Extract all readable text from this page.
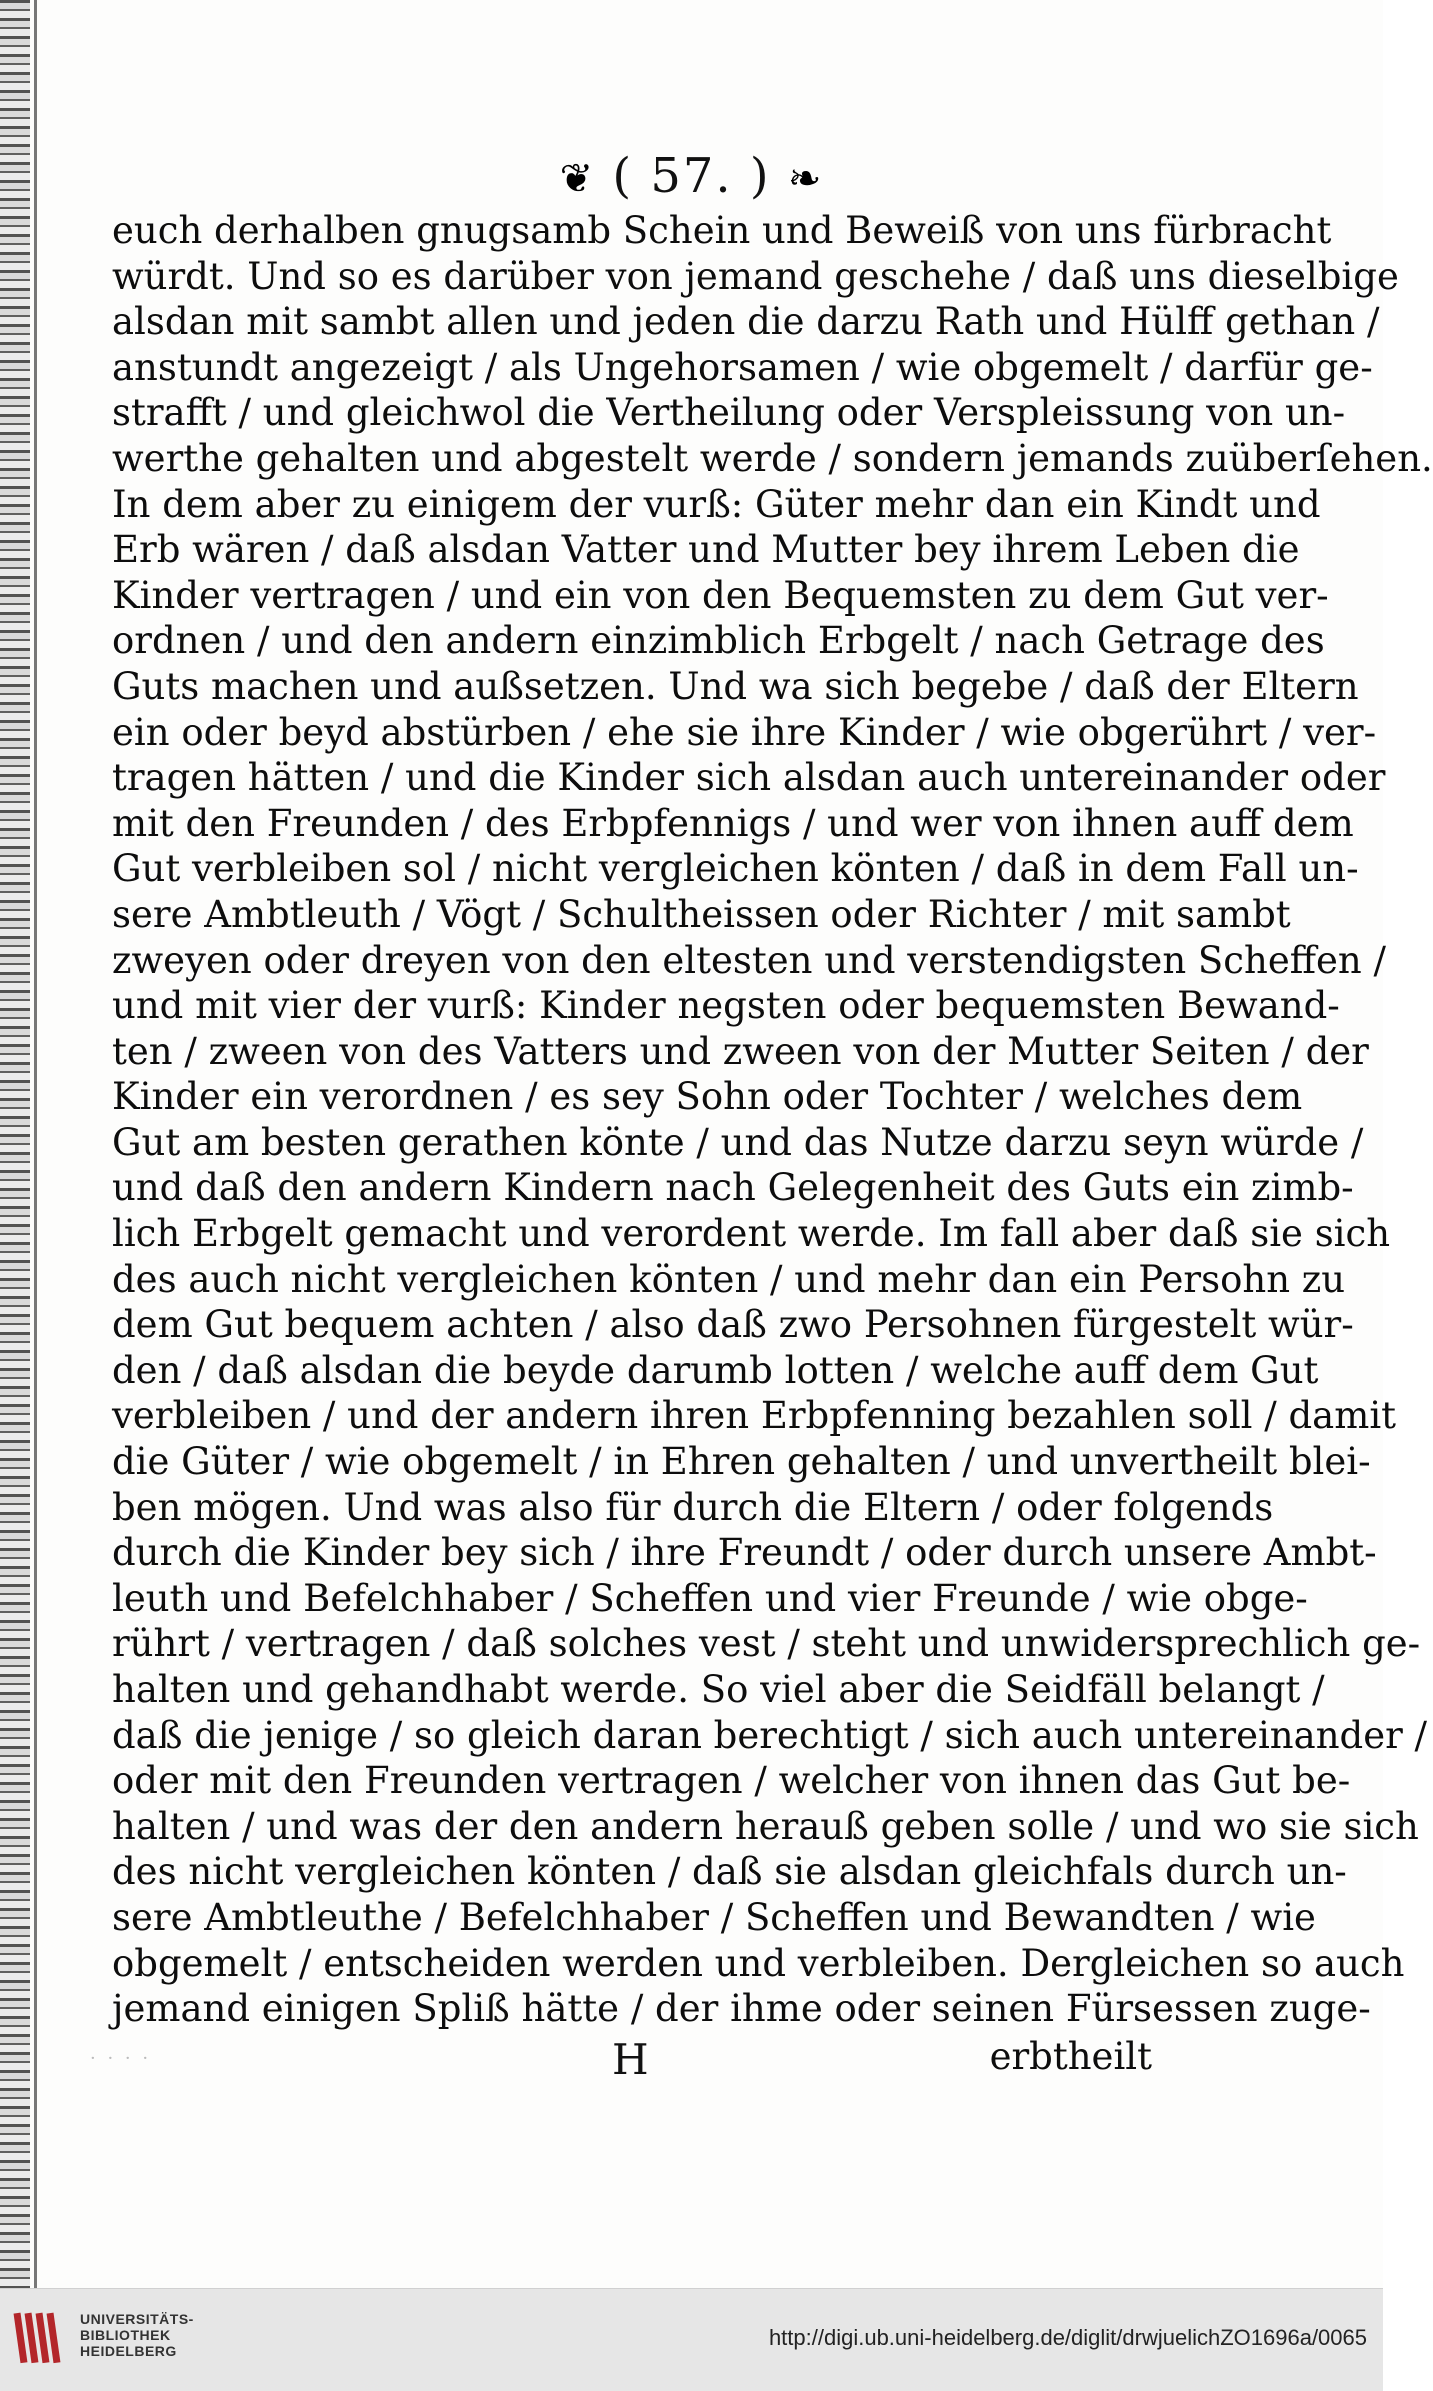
❦ ( 57. ) ❧
euch derhalben gnugsamb Schein und Beweiß von uns fürbracht
würdt. Und so es darüber von jemand geschehe / daß uns dieselbige
alsdan mit sambt allen und jeden die darzu Rath und Hülff gethan /
anstundt angezeigt / als Ungehorsamen / wie obgemelt / darfür ge-
strafft / und gleichwol die Vertheilung oder Verspleissung von un-
werthe gehalten und abgestelt werde / sondern jemands zuüberſehen.
In dem aber zu einigem der vurß: Güter mehr dan ein Kindt und
Erb wären / daß alsdan Vatter und Mutter bey ihrem Leben die
Kinder vertragen / und ein von den Bequemsten zu dem Gut ver-
ordnen / und den andern einzimblich Erbgelt / nach Getrage des
Guts machen und außsetzen. Und wa sich begebe / daß der Eltern
ein oder beyd abstürben / ehe sie ihre Kinder / wie obgerührt / ver-
tragen hätten / und die Kinder sich alsdan auch untereinander oder
mit den Freunden / des Erbpfennigs / und wer von ihnen auff dem
Gut verbleiben sol / nicht vergleichen könten / daß in dem Fall un-
sere Ambtleuth / Vögt / Schultheissen oder Richter / mit sambt
zweyen oder dreyen von den eltesten und verstendigsten Scheffen /
und mit vier der vurß: Kinder negsten oder bequemsten Bewand-
ten / zween von des Vatters und zween von der Mutter Seiten / der
Kinder ein verordnen / es sey Sohn oder Tochter / welches dem
Gut am besten gerathen könte / und das Nutze darzu seyn würde /
und daß den andern Kindern nach Gelegenheit des Guts ein zimb-
lich Erbgelt gemacht und verordent werde. Im fall aber daß sie sich
des auch nicht vergleichen könten / und mehr dan ein Persohn zu
dem Gut bequem achten / also daß zwo Persohnen fürgestelt wür-
den / daß alsdan die beyde darumb lotten / welche auff dem Gut
verbleiben / und der andern ihren Erbpfenning bezahlen soll / damit
die Güter / wie obgemelt / in Ehren gehalten / und unvertheilt blei-
ben mögen. Und was also für durch die Eltern / oder folgends
durch die Kinder bey sich / ihre Freundt / oder durch unsere Ambt-
leuth und Befelchhaber / Scheffen und vier Freunde / wie obge-
rührt / vertragen / daß solches vest / steht und unwidersprechlich ge-
halten und gehandhabt werde. So viel aber die Seidfäll belangt /
daß die jenige / so gleich daran berechtigt / sich auch untereinander /
oder mit den Freunden vertragen / welcher von ihnen das Gut be-
halten / und was der den andern herauß geben solle / und wo sie sich
des nicht vergleichen könten / daß sie alsdan gleichfals durch un-
sere Ambtleuthe / Befelchhaber / Scheffen und Bewandten / wie
obgemelt / entscheiden werden und verbleiben. Dergleichen so auch
jemand einigen Spliß hätte / der ihme oder seinen Fürsessen zuge-
· · · ·	H	erbtheilt
UNIVERSITÄTS-
BIBLIOTHEK
HEIDELBERG
http://digi.ub.uni-heidelberg.de/diglit/drwjuelichZO1696a/0065
